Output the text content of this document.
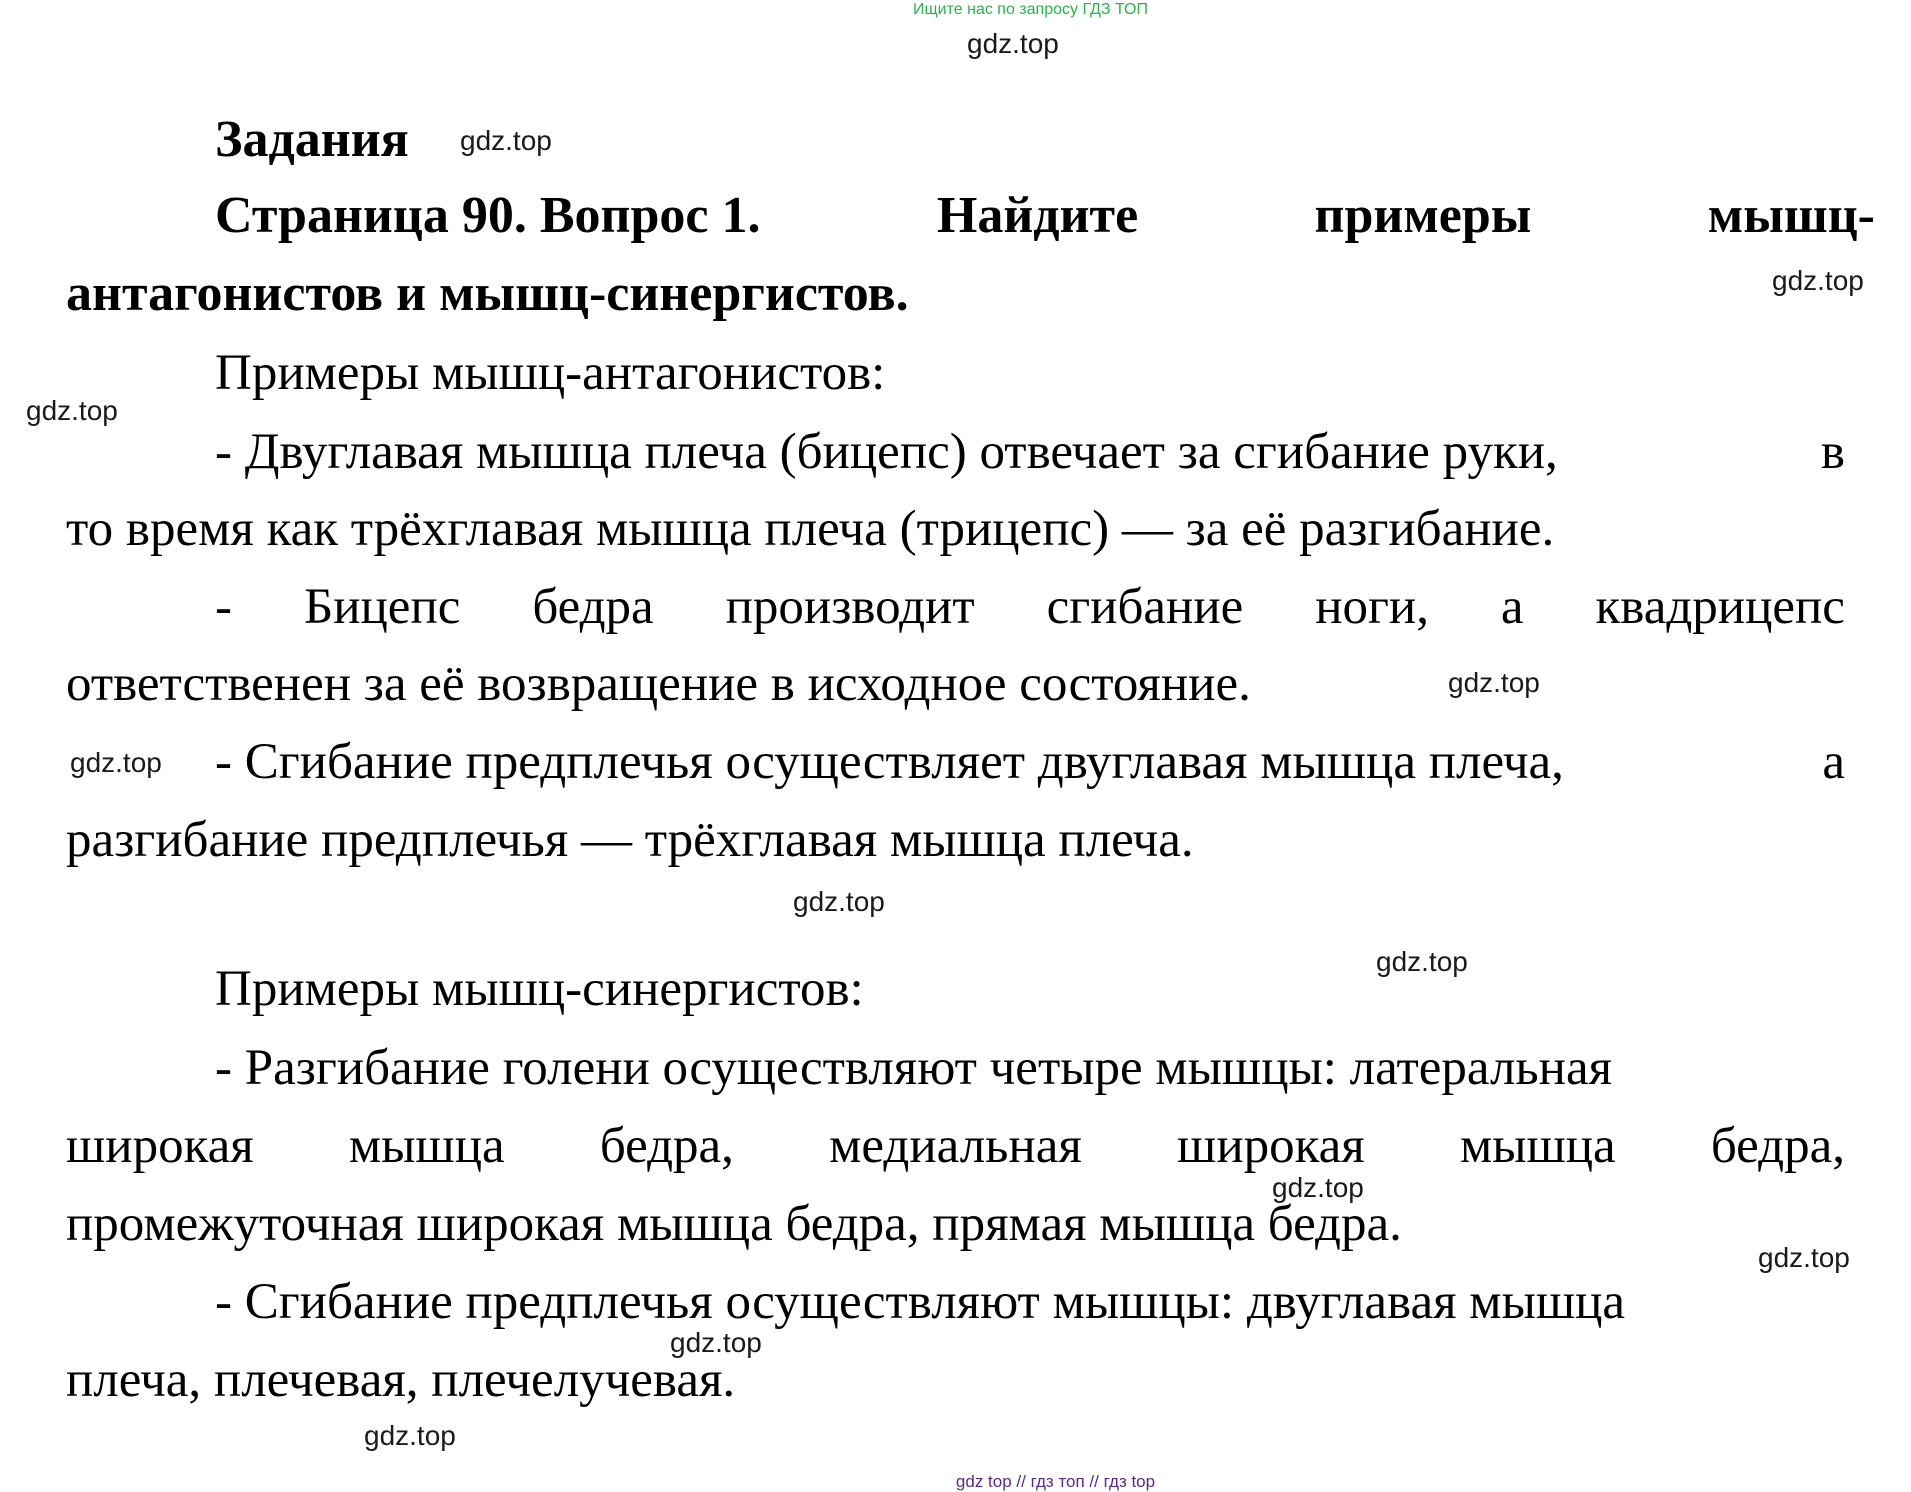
Ищите нас по запросу ГДЗ ТОП
gdz.top
Задания gdz.top
Страница 90. Вопрос 1.	Найдите	примеры	мышц-
антагонистов и мышц-синергистов.	gdz.top
Примеры мышц-антагонистов:
gdz.top
- Двуглавая мышца плеча (бицепс) отвечает за сгибание руки,	в
то время как трёхглавая мышца плеча (трицепс) — за её разгибание.
- Бицепс бедра производит сгибание ноги, а квадрицепс
ответственен за её возвращение в исходное состояние.	gdz.top
gdz.top - Сгибание предплечья осуществляет двуглавая мышца плеча,	а
разгибание предплечья — трёхглавая мышца плеча.
gdz.top
gdz.top
Примеры мышц-синергистов:
- Разгибание голени осуществляют четыре мышцы: латеральная
широкая мышца бедра, медиальная широкая мышца бедра,
gdz.top
промежуточная широкая мышца бедра, прямая мышца бедра.
gdz.top
- Сгибание предплечья осуществляют мышцы: двуглавая мышца
gdz.top
плеча, плечевая, плечелучевая.
gdz.top
gdz top // гдз топ // гдз top
